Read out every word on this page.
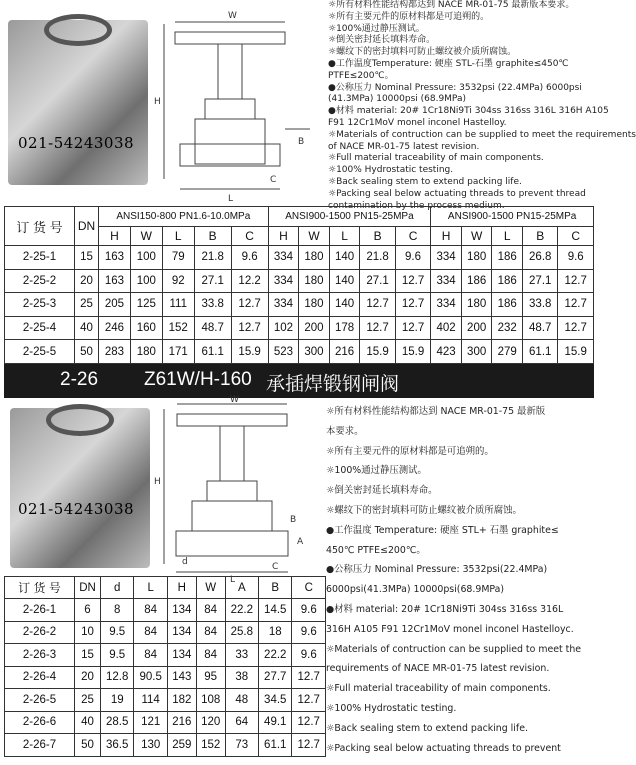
021-54243038
W
H
L
B
C
☼所有材料性能结构都达到 NACE MR-01-75 最新版本要求。
☼所有主要元件的原材料都是可追朔的。
☼100%通过静压测试。
☼倒关密封延长填料寿命。
☼螺纹下的密封填料可防止螺纹被介质所腐蚀。
●工作温度Temperature: 硬座 STL-石墨 graphite≤450℃
PTFE≤200℃。
●公称压力 Nominal Pressure: 3532psi (22.4MPa) 6000psi
(41.3MPa) 10000psi (68.9MPa)
●材料 material: 20# 1Cr18Ni9Ti 304ss 316ss 316L 316H A105
F91 12Cr1MoV monel inconel Hastelloy.
☼Materials of contruction can be supplied to meet the requirements
of NACE MR-01-75 latest revision.
☼Full material traceability of main components.
☼100% Hydrostatic testing.
☼Back sealing stem to extend packing life.
☼Packing seal below actuating threads to prevent thread
contamination by the process medium.
订 货 号	DN	ANSI150-800 PN1.6-10.0MPa					ANSI900-1500 PN15-25MPa					ANSI900-1500 PN15-25MPa				
		H	W	L	B	C	H	W	L	B	C	H	W	L	B	C
2-25-1	15	163	100	79	21.8	9.6	334	180	140	21.8	9.6	334	180	186	26.8	9.6
2-25-2	20	163	100	92	27.1	12.2	334	180	140	27.1	12.7	334	186	186	27.1	12.7
2-25-3	25	205	125	111	33.8	12.7	334	180	140	12.7	12.7	334	180	186	33.8	12.7
2-25-4	40	246	160	152	48.7	12.7	102	200	178	12.7	12.7	402	200	232	48.7	12.7
2-25-5	50	283	180	171	61.1	15.9	523	300	216	15.9	15.9	423	300	279	61.1	15.9
2-26 Z61W/H-160 承插焊锻钢闸阀
021-54243038
W
H
L
A
d
B
C
☼所有材料性能结构都达到 NACE MR-01-75 最新版
本要求。
☼所有主要元件的原材料都是可追朔的。
☼100%通过静压测试。
☼倒关密封延长填料寿命。
☼螺纹下的密封填料可防止螺纹被介质所腐蚀。
●工作温度 Temperature: 硬座 STL+ 石墨 graphite≤
450℃ PTFE≤200℃。
●公称压力 Nominal Pressure: 3532psi(22.4MPa)
6000psi(41.3MPa) 10000psi(68.9MPa)
●材料 material: 20# 1Cr18Ni9Ti 304ss 316ss 316L
316H A105 F91 12Cr1MoV monel inconel Hastelloyc.
☼Materials of contruction can be supplied to meet the
requirements of NACE MR-01-75 latest revision.
☼Full material traceability of main components.
☼100% Hydrostatic testing.
☼Back sealing stem to extend packing life.
☼Packing seal below actuating threads to prevent
订 货 号	DN	d	L	H	W	A	B	C
2-26-1	6	8	84	134	84	22.2	14.5	9.6
2-26-2	10	9.5	84	134	84	25.8	18	9.6
2-26-3	15	9.5	84	134	84	33	22.2	9.6
2-26-4	20	12.8	90.5	143	95	38	27.7	12.7
2-26-5	25	19	114	182	108	48	34.5	12.7
2-26-6	40	28.5	121	216	120	64	49.1	12.7
2-26-7	50	36.5	130	259	152	73	61.1	12.7
